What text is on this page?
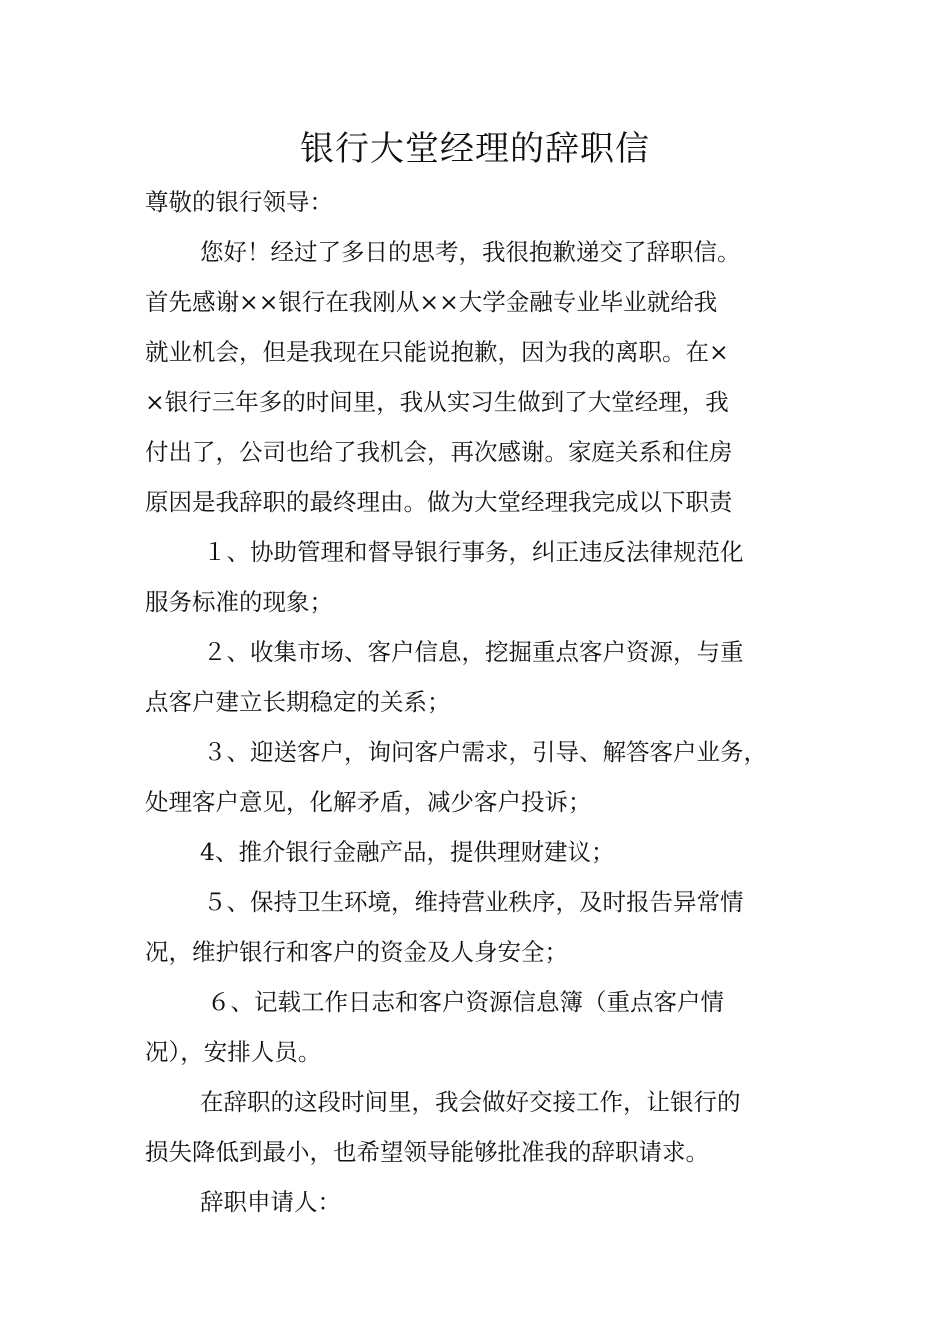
银行大堂经理的辞职信
尊敬的银行领导：
您好！经过了多日的思考，我很抱歉递交了辞职信。
首先感谢××银行在我刚从××大学金融专业毕业就给我
就业机会，但是我现在只能说抱歉，因为我的离职。在×
×银行三年多的时间里，我从实习生做到了大堂经理，我
付出了，公司也给了我机会，再次感谢。家庭关系和住房
原因是我辞职的最终理由。做为大堂经理我完成以下职责
１、协助管理和督导银行事务，纠正违反法律规范化
服务标准的现象；
２、收集市场、客户信息，挖掘重点客户资源，与重
点客户建立长期稳定的关系；
３、迎送客户，询问客户需求，引导、解答客户业务，
处理客户意见，化解矛盾，减少客户投诉；
4、推介银行金融产品，提供理财建议；
５、保持卫生环境，维持营业秩序，及时报告异常情
况，维护银行和客户的资金及人身安全；
６、记载工作日志和客户资源信息簿（重点客户情
况），安排人员。
在辞职的这段时间里，我会做好交接工作，让银行的
损失降低到最小，也希望领导能够批准我的辞职请求。
辞职申请人：
